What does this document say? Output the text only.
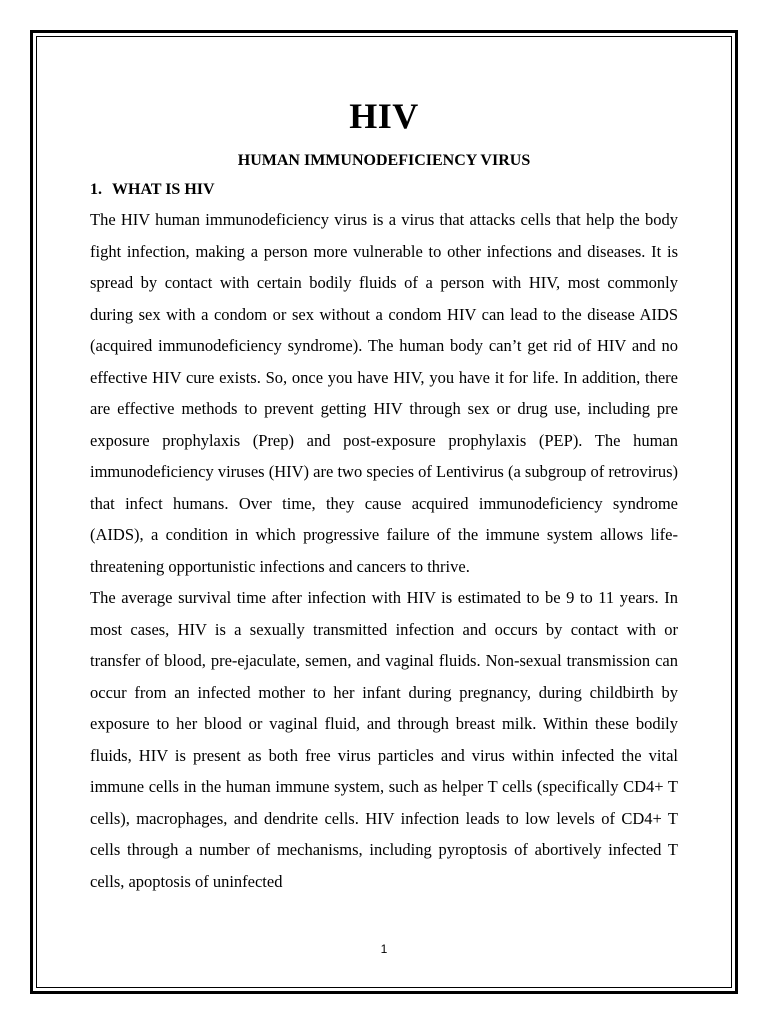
HIV
HUMAN IMMUNODEFICIENCY VIRUS
1. WHAT IS HIV

The HIV human immunodeficiency virus is a virus that attacks cells that help the body fight infection, making a person more vulnerable to other infections and diseases. It is spread by contact with certain bodily fluids of a person with HIV, most commonly during sex with a condom or sex without a condom HIV can lead to the disease AIDS (acquired immunodeficiency syndrome). The human body can’t get rid of HIV and no effective HIV cure exists. So, once you have HIV, you have it for life. In addition, there are effective methods to prevent getting HIV through sex or drug use, including pre exposure prophylaxis (Prep) and post-exposure prophylaxis (PEP). The human immunodeficiency viruses (HIV) are two species of Lentivirus (a subgroup of retrovirus) that infect humans. Over time, they cause acquired immunodeficiency syndrome (AIDS), a condition in which progressive failure of the immune system allows life-threatening opportunistic infections and cancers to thrive.

The average survival time after infection with HIV is estimated to be 9 to 11 years. In most cases, HIV is a sexually transmitted infection and occurs by contact with or transfer of blood, pre-ejaculate, semen, and vaginal fluids. Non-sexual transmission can occur from an infected mother to her infant during pregnancy, during childbirth by exposure to her blood or vaginal fluid, and through breast milk. Within these bodily fluids, HIV is present as both free virus particles and virus within infected the vital immune cells in the human immune system, such as helper T cells (specifically CD4+ T cells), macrophages, and dendrite cells. HIV infection leads to low levels of CD4+ T cells through a number of mechanisms, including pyroptosis of abortively infected T cells, apoptosis of uninfected

1
